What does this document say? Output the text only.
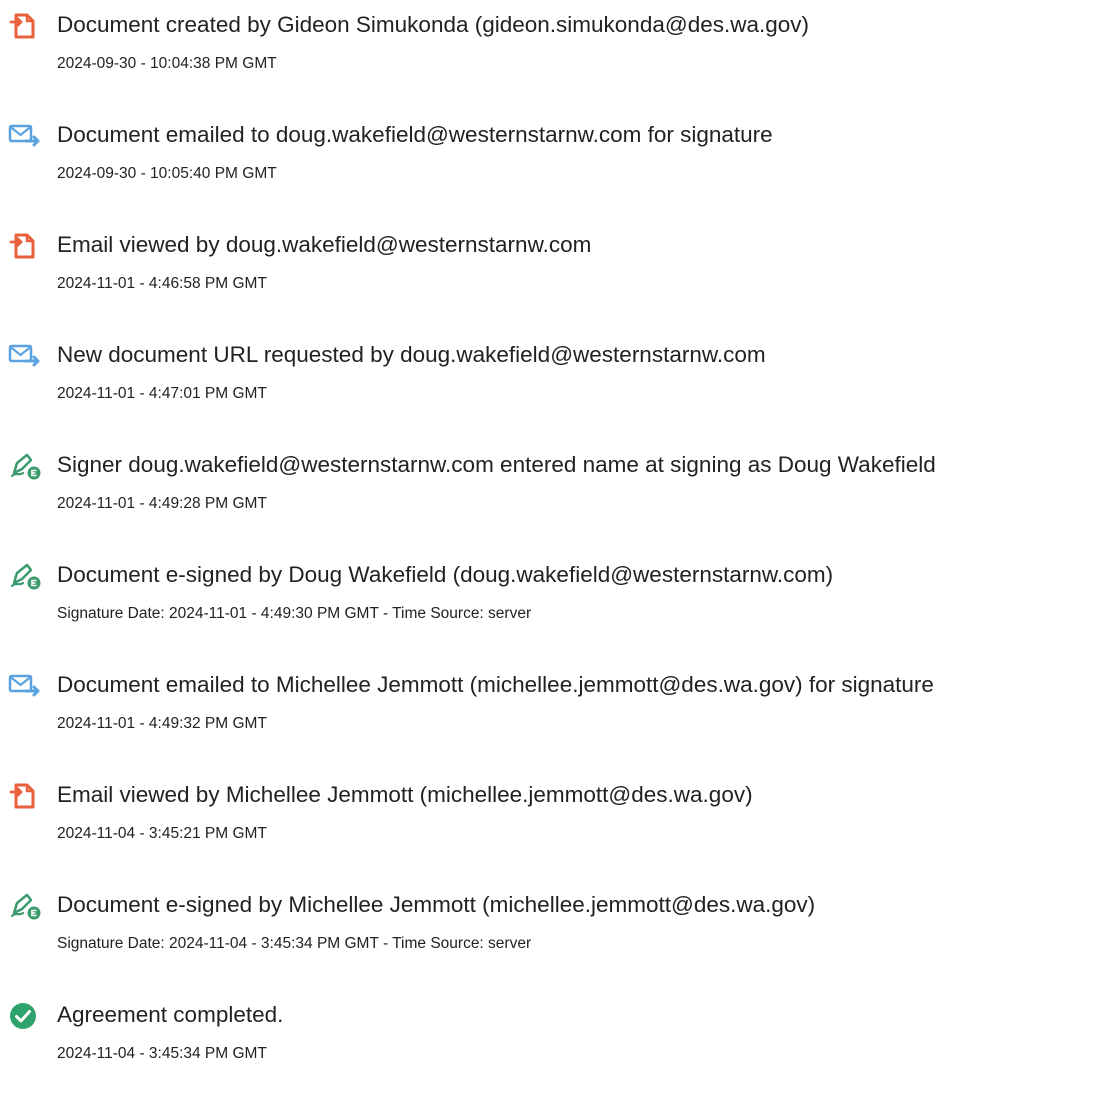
Document created by Gideon Simukonda (gideon.simukonda@des.wa.gov)
2024-09-30 - 10:04:38 PM GMT
Document emailed to doug.wakefield@westernstarnw.com for signature
2024-09-30 - 10:05:40 PM GMT
Email viewed by doug.wakefield@westernstarnw.com
2024-11-01 - 4:46:58 PM GMT
New document URL requested by doug.wakefield@westernstarnw.com
2024-11-01 - 4:47:01 PM GMT
Signer doug.wakefield@westernstarnw.com entered name at signing as Doug Wakefield
2024-11-01 - 4:49:28 PM GMT
Document e-signed by Doug Wakefield (doug.wakefield@westernstarnw.com)
Signature Date: 2024-11-01 - 4:49:30 PM GMT - Time Source: server
Document emailed to Michellee Jemmott (michellee.jemmott@des.wa.gov) for signature
2024-11-01 - 4:49:32 PM GMT
Email viewed by Michellee Jemmott (michellee.jemmott@des.wa.gov)
2024-11-04 - 3:45:21 PM GMT
Document e-signed by Michellee Jemmott (michellee.jemmott@des.wa.gov)
Signature Date: 2024-11-04 - 3:45:34 PM GMT - Time Source: server
Agreement completed.
2024-11-04 - 3:45:34 PM GMT
